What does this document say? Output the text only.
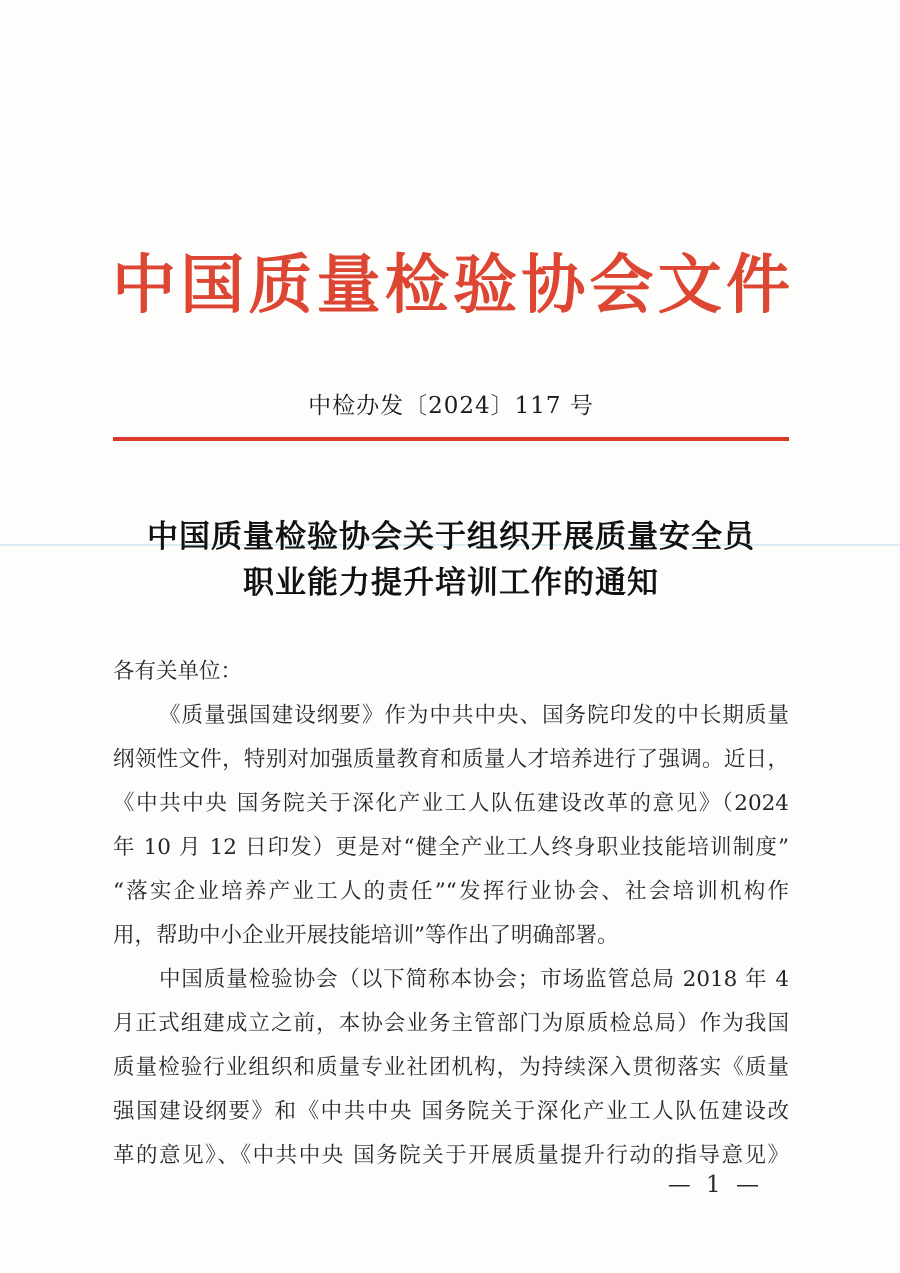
中国质量检验协会文件
中检办发〔2024〕117 号
中国质量检验协会关于组织开展质量安全员
职业能力提升培训工作的通知
各有关单位：
《质量强国建设纲要》作为中共中央、国务院印发的中长期质量
纲领性文件，特别对加强质量教育和质量人才培养进行了强调。近日，
《中共中央 国务院关于深化产业工人队伍建设改革的意见》（2024
年 10 月 12 日印发）更是对“健全产业工人终身职业技能培训制度”
“落实企业培养产业工人的责任”“发挥行业协会、社会培训机构作
用，帮助中小企业开展技能培训”等作出了明确部署。
中国质量检验协会（以下简称本协会；市场监管总局 2018 年 4
月正式组建成立之前，本协会业务主管部门为原质检总局）作为我国
质量检验行业组织和质量专业社团机构，为持续深入贯彻落实《质量
强国建设纲要》和《中共中央 国务院关于深化产业工人队伍建设改
革的意见》、《中共中央 国务院关于开展质量提升行动的指导意见》
— 1 —
